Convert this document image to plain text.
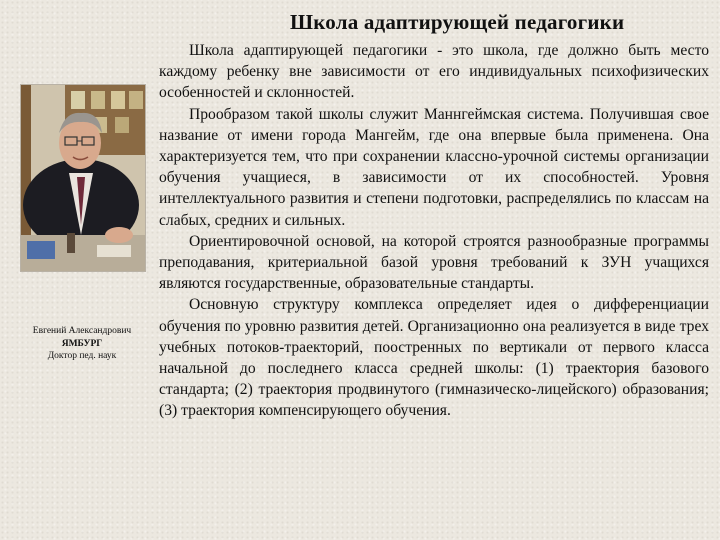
Школа адаптирующей педагогики
Евгений Александрович
ЯМБУРГ
Доктор пед. наук

Школа адаптирующей педагогики - это школа, где должно быть место каждому ребенку вне зависимости от его индивидуальных психофизических особенностей и склонностей.

Прообразом такой школы служит Маннгеймская система. Получившая свое название от имени города Мангейм, где она впервые была применена. Она характеризуется тем, что при сохранении классно-урочной системы организации обучения учащиеся, в зависимости от их способностей. Уровня интеллектуального развития и степени подготовки, распределялись по классам на слабых, средних и сильных.

Ориентировочной основой, на которой строятся разнообразные программы преподавания, критериальной базой уровня требований к ЗУН учащихся являются государственные, образовательные стандарты.

Основную структуру комплекса определяет идея о дифференциации обучения по уровню развития детей. Организационно она реализуется в виде трех учебных потоков-траекторий, поостренных по вертикали от первого класса начальной до последнего класса средней школы: (1) траектория базового стандарта; (2) траектория продвинутого (гимназическо-лицейского) образования; (3) траектория компенсирующего обучения.
